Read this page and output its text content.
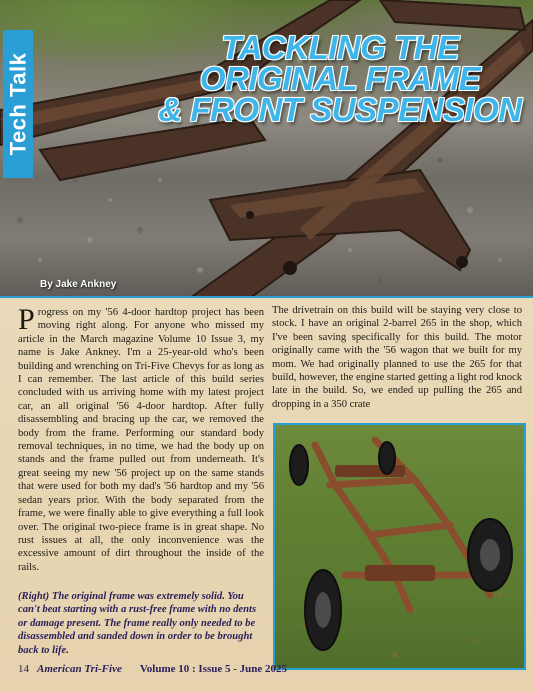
Tech Talk
TACKLING THE
ORIGINAL FRAME
& FRONT SUSPENSION
By Jake Ankney
Progress on my '56 4-door hardtop project has been moving right along. For anyone who missed my article in the March magazine Volume 10 Issue 3, my name is Jake Ankney. I'm a 25-year-old who's been building and wrenching on Tri-Five Chevys for as long as I can remember. The last article of this build series concluded with us arriving home with my latest project car, an all original '56 4-door hardtop. After fully disassembling and bracing up the car, we removed the body from the frame. Performing our standard body removal techniques, in no time, we had the body up on stands and the frame pulled out from underneath. It's great seeing my new '56 project up on the same stands that were used for both my dad's '56 hardtop and my '56 sedan years prior. With the body separated from the frame, we were finally able to give everything a full look over. The original two-piece frame is in great shape. No rust issues at all, the only inconvenience was the excessive amount of dirt throughout the inside of the rails.
The drivetrain on this build will be staying very close to stock. I have an original 2-barrel 265 in the shop, which I've been saving specifically for this build. The motor originally came with the '56 wagon that we built for my mom. We had originally planned to use the 265 for that build, however, the engine started getting a light rod knock late in the build. So, we ended up pulling the 265 and dropping in a 350 crate
(Right) The original frame was extremely solid. You can't beat starting with a rust-free frame with no dents or damage present. The frame really only needed to be disassembled and sanded down in order to be brought back to life.
14 American Tri-Five Volume 10 : Issue 5 - June 2025
